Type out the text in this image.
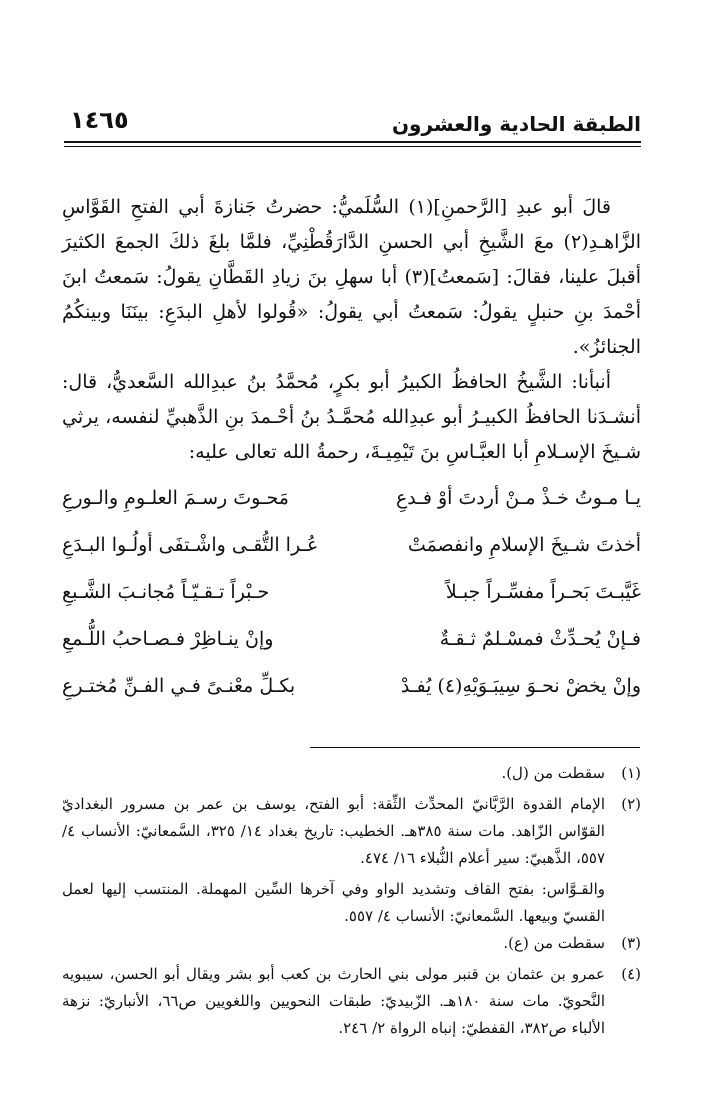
الطبقة الحادية والعشرون
١٤٦٥

قالَ أبو عبدِ [الرَّحمنِ](١) السُّلَميُّ: حضرتُ جَنازةَ أبي الفتحِ القَوَّاسِ الزَّاهـدِ(٢) معَ الشَّيخِ أبي الحسنِ الدَّارَقُطْنِيِّ، فلمَّا بلغَ ذلكَ الجمعَ الكثيرَ أقبلَ علينا، فقالَ: [سَمعتُ](٣) أبا سهلِ بنَ زيادِ القَطَّانِ يقولُ: سَمعتُ ابنَ أحْمدَ بنِ حنبلٍ يقولُ: سَمعتُ أبي يقولُ: «قُولوا لأهلِ البدَعِ: بينَنَا وبينكُمُ الجنائزُ».

أنبأنا: الشَّيخُ الحافظُ الكبيرُ أبو بكرٍ، مُحمَّدُ بنُ عبدِالله السَّعديُّ، قال: أنشـدَنا الحافظُ الكبيـرُ أبو عبدِالله مُحمَّـدُ بنُ أحْـمدَ بنِ الذَّهبيِّ لنفسه، يرثي شـيخَ الإسـلامِ أبا العبَّـاسِ بنَ تَيْمِيـةَ، رحمةُ الله تعالى عليه:

يـا مـوتُ خـذْ مـنْ أردتَ أوْ فـدعِ
مَحـوتَ رسـمَ العلـومِ والـورعِ
أخذتَ شـيخَ الإسلامِ وانفصمَتْ
عُـرا التُّقـى واشْـتفَى أولُـوا البـدَعِ
غَيَّبـتَ بَحـراً مفسِّـراً جبـلاً
حـبْراً تـقـيّـاً مُجانـبَ الشَّـبعِ
فـإنْ يُحـدِّثْ فمسْـلمٌ ثـقـةٌ
وإنْ ينـاظِرْ فـصـاحبُ اللُّـمعِ
وإنْ يخضْ نحـوَ سِيبَـوَيْهِ(٤) يُفـدْ
بكـلِّ معْنـىً فـي الفـنِّ مُختـرعِ
(١)
سقطت من (ل).
(٢)
الإمام القدوة الرَّبَّانيّ المحدِّث الثِّقة: أبو الفتح، يوسف بن عمر بن مسرور البغداديّ القوّاس الزّاهد. مات سنة ٣٨٥هـ. الخطيب: تاريخ بغداد ١٤/ ٣٢٥، السَّمعانيّ: الأنساب ٤/ ٥٥٧، الذَّهبيّ: سير أعلام النُّبلاء ١٦/ ٤٧٤.
والقـوَّاس: بفتح القاف وتشديد الواو وفي آخرها السِّين المهملة. المنتسب إليها لعمل القسيّ وبيعها. السَّمعانيّ: الأنساب ٤/ ٥٥٧.
(٣)
سقطت من (ع).
(٤)
عمرو بن عثمان بن قنبر مولى بني الحارث بن كعب أبو بشر ويقال أبو الحسن، سيبويه النَّحويّ. مات سنة ١٨٠هـ. الزّبيديّ: طبقات النحويين واللغويين ص٦٦، الأنباريّ: نزهة الألباء ص٣٨٢، القفطيّ: إنباه الرواة ٢/ ٢٤٦.
